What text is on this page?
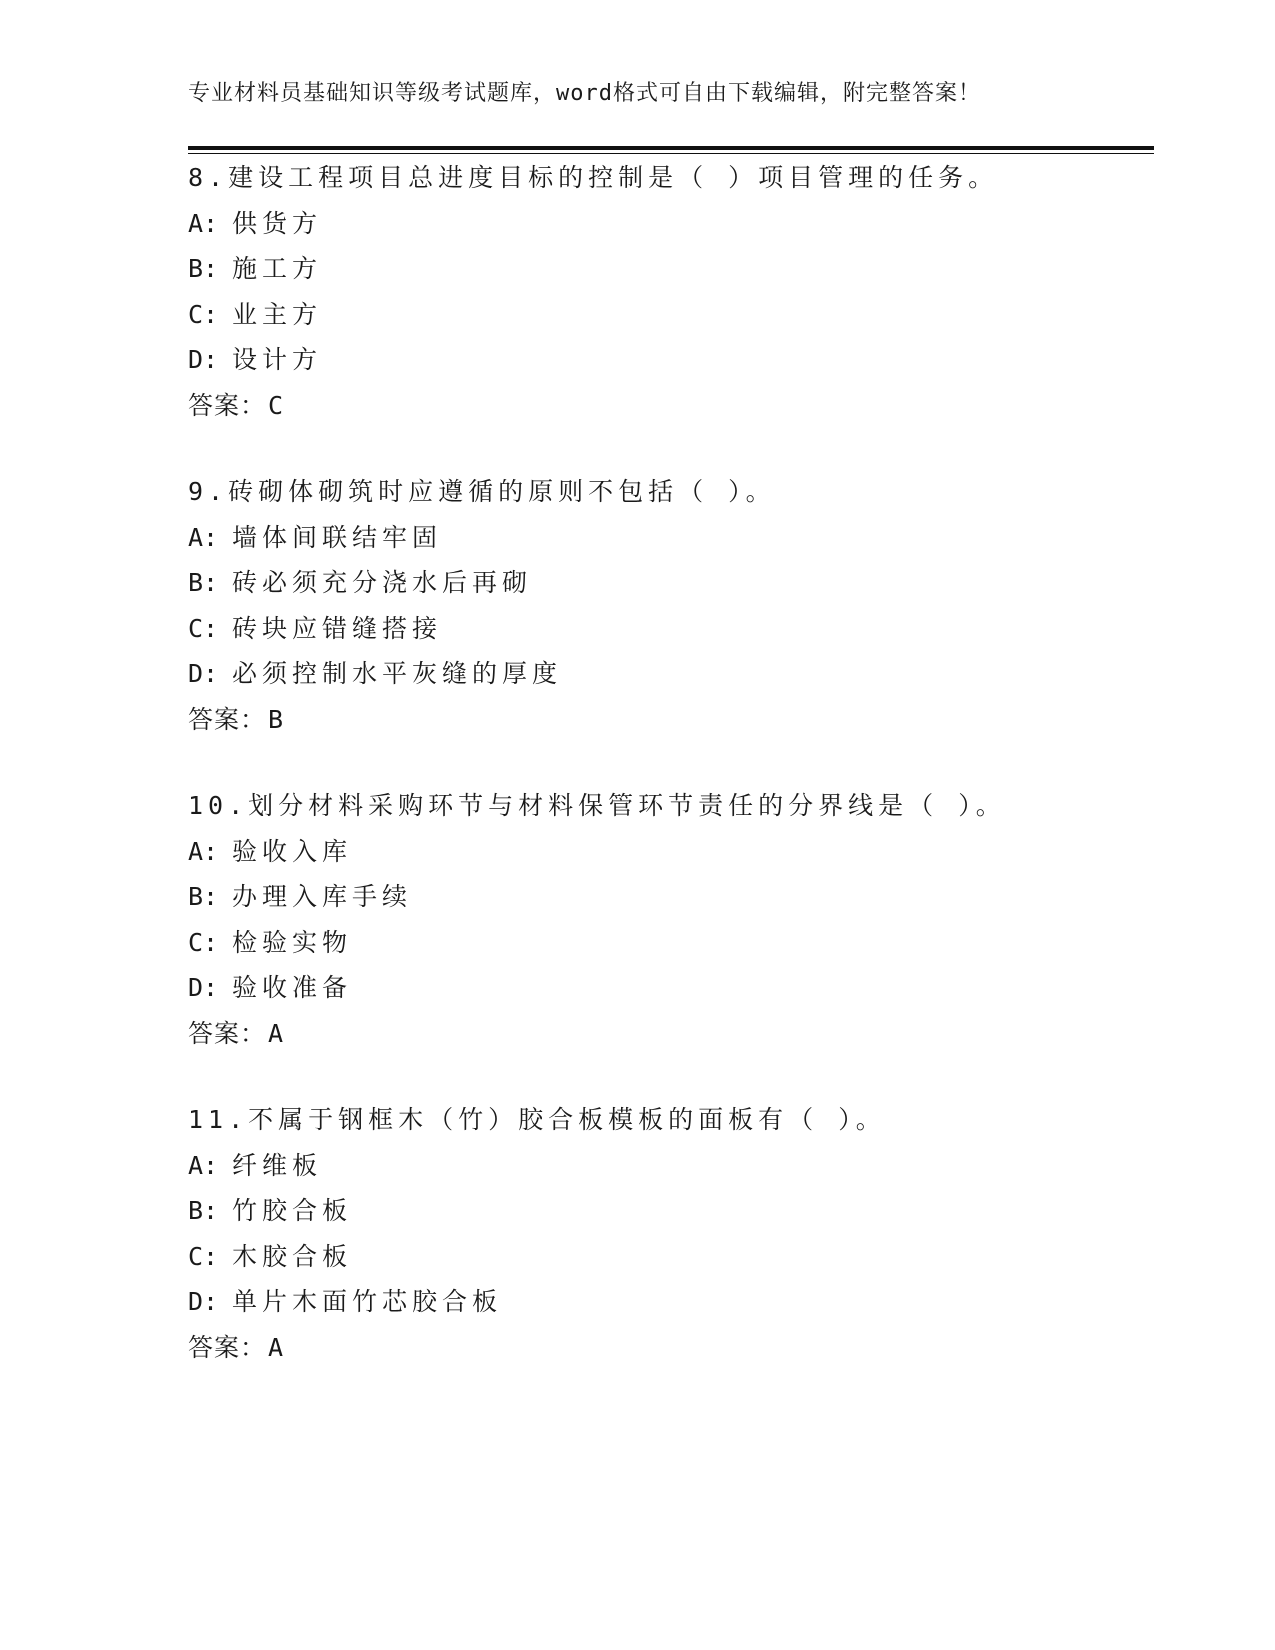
专业材料员基础知识等级考试题库，word格式可自由下载编辑，附完整答案！
8.建设工程项目总进度目标的控制是（ ）项目管理的任务。
A: 供货方
B: 施工方
C: 业主方
D: 设计方
答案：C
9.砖砌体砌筑时应遵循的原则不包括（ ）。
A: 墙体间联结牢固
B: 砖必须充分浇水后再砌
C: 砖块应错缝搭接
D: 必须控制水平灰缝的厚度
答案：B
10.划分材料采购环节与材料保管环节责任的分界线是（ ）。
A: 验收入库
B: 办理入库手续
C: 检验实物
D: 验收准备
答案：A
11.不属于钢框木（竹）胶合板模板的面板有（ ）。
A: 纤维板
B: 竹胶合板
C: 木胶合板
D: 单片木面竹芯胶合板
答案：A
